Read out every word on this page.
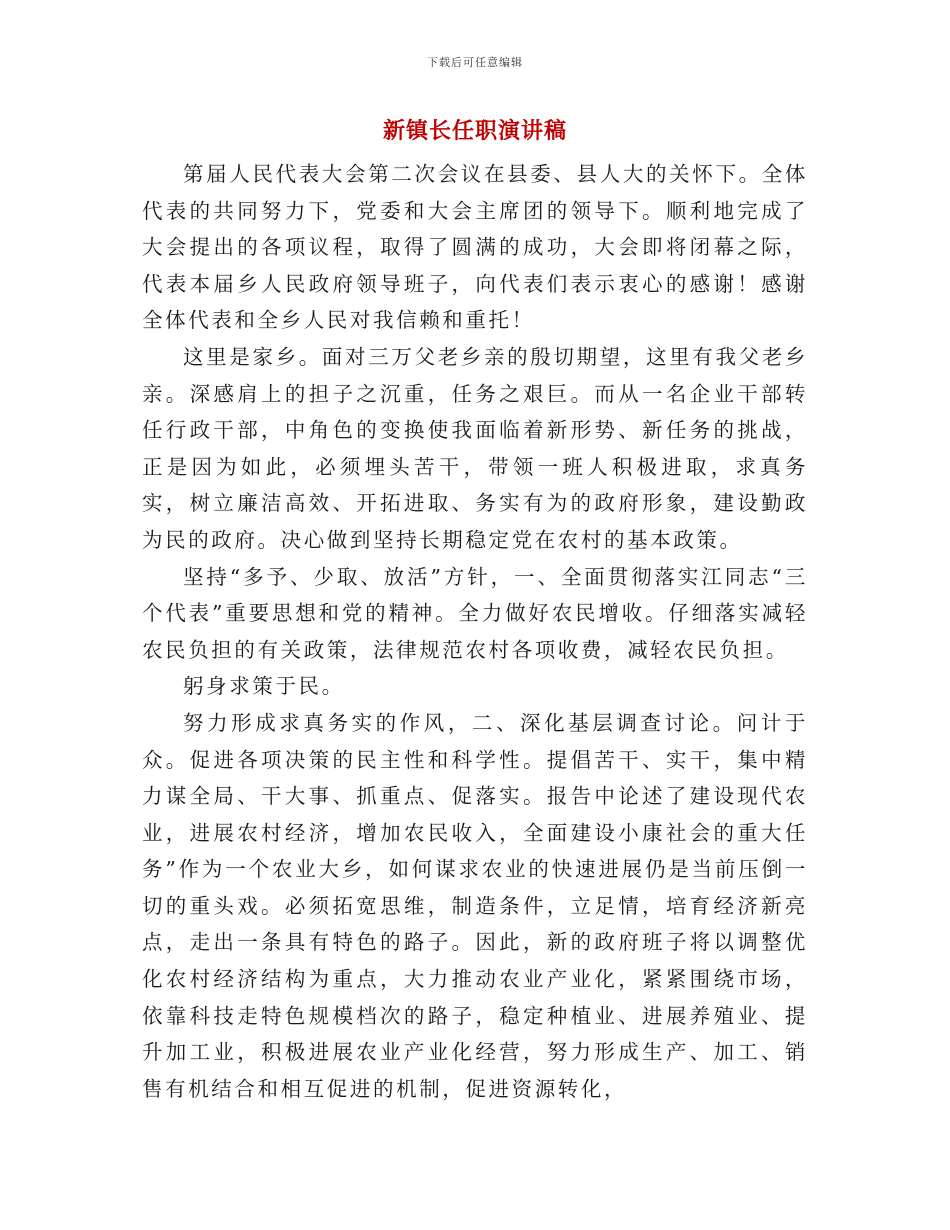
下载后可任意编辑
新镇长任职演讲稿

第届人民代表大会第二次会议在县委、县人大的关怀下。全体代表的共同努力下，党委和大会主席团的领导下。顺利地完成了大会提出的各项议程，取得了圆满的成功，大会即将闭幕之际，代表本届乡人民政府领导班子，向代表们表示衷心的感谢！感谢全体代表和全乡人民对我信赖和重托！

这里是家乡。面对三万父老乡亲的殷切期望，这里有我父老乡亲。深感肩上的担子之沉重，任务之艰巨。而从一名企业干部转任行政干部，中角色的变换使我面临着新形势、新任务的挑战，正是因为如此，必须埋头苦干，带领一班人积极进取，求真务实，树立廉洁高效、开拓进取、务实有为的政府形象，建设勤政为民的政府。决心做到坚持长期稳定党在农村的基本政策。

坚持“多予、少取、放活”方针，一、全面贯彻落实江同志“三个代表”重要思想和党的精神。全力做好农民增收。仔细落实减轻农民负担的有关政策，法律规范农村各项收费，减轻农民负担。

躬身求策于民。

努力形成求真务实的作风，二、深化基层调查讨论。问计于众。促进各项决策的民主性和科学性。提倡苦干、实干，集中精力谋全局、干大事、抓重点、促落实。报告中论述了建设现代农业，进展农村经济，增加农民收入，全面建设小康社会的重大任务”作为一个农业大乡，如何谋求农业的快速进展仍是当前压倒一切的重头戏。必须拓宽思维，制造条件，立足情，培育经济新亮点，走出一条具有特色的路子。因此，新的政府班子将以调整优化农村经济结构为重点，大力推动农业产业化，紧紧围绕市场，依靠科技走特色规模档次的路子，稳定种植业、进展养殖业、提升加工业，积极进展农业产业化经营，努力形成生产、加工、销售有机结合和相互促进的机制，促进资源转化，
